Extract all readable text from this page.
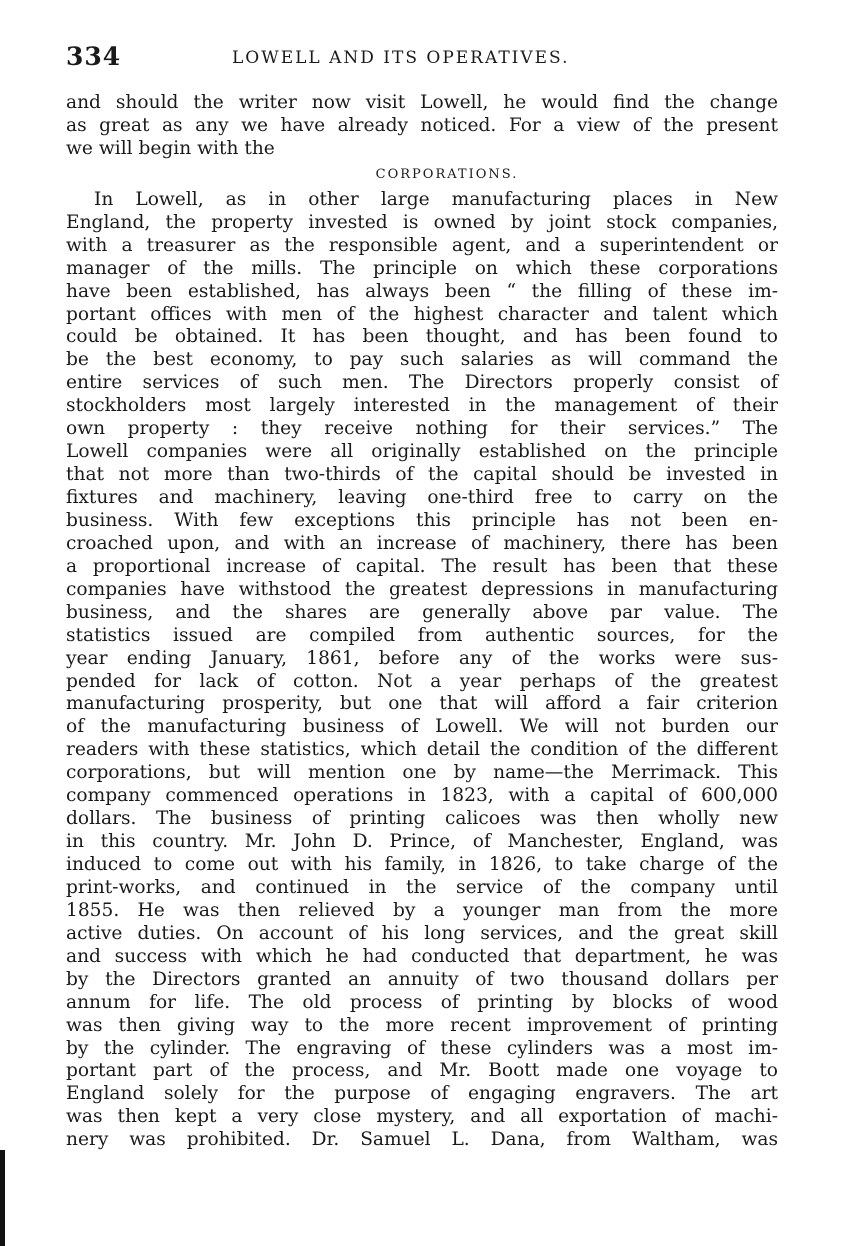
334	LOWELL AND ITS OPERATIVES.
and should the writer now visit Lowell, he would find the change
as great as any we have already noticed. For a view of the present
we will begin with the
CORPORATIONS.
In Lowell, as in other large manufacturing places in New
England, the property invested is owned by joint stock companies,
with a treasurer as the responsible agent, and a superintendent or
manager of the mills. The principle on which these corporations
have been established, has always been “ the filling of these im-
portant offices with men of the highest character and talent which
could be obtained. It has been thought, and has been found to
be the best economy, to pay such salaries as will command the
entire services of such men. The Directors properly consist of
stockholders most largely interested in the management of their
own property : they receive nothing for their services.” The
Lowell companies were all originally established on the principle
that not more than two-thirds of the capital should be invested in
fixtures and machinery, leaving one-third free to carry on the
business. With few exceptions this principle has not been en-
croached upon, and with an increase of machinery, there has been
a proportional increase of capital. The result has been that these
companies have withstood the greatest depressions in manufacturing
business, and the shares are generally above par value. The
statistics issued are compiled from authentic sources, for the
year ending January, 1861, before any of the works were sus-
pended for lack of cotton. Not a year perhaps of the greatest
manufacturing prosperity, but one that will afford a fair criterion
of the manufacturing business of Lowell. We will not burden our
readers with these statistics, which detail the condition of the different
corporations, but will mention one by name—the Merrimack. This
company commenced operations in 1823, with a capital of 600,000
dollars. The business of printing calicoes was then wholly new
in this country. Mr. John D. Prince, of Manchester, England, was
induced to come out with his family, in 1826, to take charge of the
print-works, and continued in the service of the company until
1855. He was then relieved by a younger man from the more
active duties. On account of his long services, and the great skill
and success with which he had conducted that department, he was
by the Directors granted an annuity of two thousand dollars per
annum for life. The old process of printing by blocks of wood
was then giving way to the more recent improvement of printing
by the cylinder. The engraving of these cylinders was a most im-
portant part of the process, and Mr. Boott made one voyage to
England solely for the purpose of engaging engravers. The art
was then kept a very close mystery, and all exportation of machi-
nery was prohibited. Dr. Samuel L. Dana, from Waltham, was
